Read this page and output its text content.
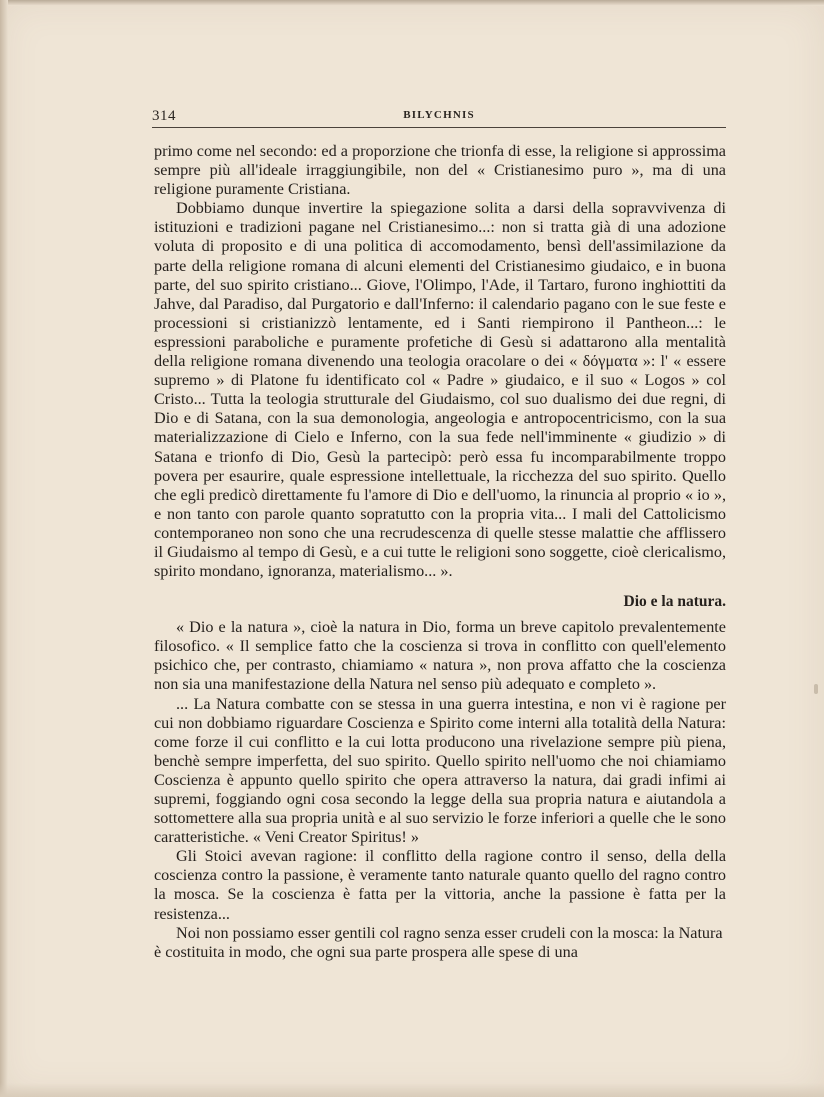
314	BILYCHNIS

primo come nel secondo: ed a proporzione che trionfa di esse, la religione si approssima sempre più all'ideale irraggiungibile, non del « Cristianesimo puro », ma di una religione puramente Cristiana.

Dobbiamo dunque invertire la spiegazione solita a darsi della sopravvivenza di istituzioni e tradizioni pagane nel Cristianesimo...: non si tratta già di una adozione voluta di proposito e di una politica di accomodamento, bensì dell'assimilazione da parte della religione romana di alcuni elementi del Cristianesimo giudaico, e in buona parte, del suo spirito cristiano... Giove, l'Olimpo, l'Ade, il Tartaro, furono inghiottiti da Jahve, dal Paradiso, dal Purgatorio e dall'Inferno: il calendario pagano con le sue feste e processioni si cristianizzò lentamente, ed i Santi riempirono il Pantheon...: le espressioni paraboliche e puramente profetiche di Gesù si adattarono alla mentalità della religione romana divenendo una teologia oracolare o dei « δόγματα »: l' « essere supremo » di Platone fu identificato col « Padre » giudaico, e il suo « Logos » col Cristo... Tutta la teologia strutturale del Giudaismo, col suo dualismo dei due regni, di Dio e di Satana, con la sua demonologia, angeologia e antropocentricismo, con la sua materializzazione di Cielo e Inferno, con la sua fede nell'imminente « giudizio » di Satana e trionfo di Dio, Gesù la partecipò: però essa fu incomparabilmente troppo povera per esaurire, quale espressione intellettuale, la ricchezza del suo spirito. Quello che egli predicò direttamente fu l'amore di Dio e dell'uomo, la rinuncia al proprio « io », e non tanto con parole quanto sopratutto con la propria vita... I mali del Cattolicismo contemporaneo non sono che una recrudescenza di quelle stesse malattie che afflissero il Giudaismo al tempo di Gesù, e a cui tutte le religioni sono soggette, cioè clericalismo, spirito mondano, ignoranza, materialismo... ».

Dio e la natura.

« Dio e la natura », cioè la natura in Dio, forma un breve capitolo prevalentemente filosofico. « Il semplice fatto che la coscienza si trova in conflitto con quell'elemento psichico che, per contrasto, chiamiamo « natura », non prova affatto che la coscienza non sia una manifestazione della Natura nel senso più adequato e completo ».

... La Natura combatte con se stessa in una guerra intestina, e non vi è ragione per cui non dobbiamo riguardare Coscienza e Spirito come interni alla totalità della Natura: come forze il cui conflitto e la cui lotta producono una rivelazione sempre più piena, benchè sempre imperfetta, del suo spirito. Quello spirito nell'uomo che noi chiamiamo Coscienza è appunto quello spirito che opera attraverso la natura, dai gradi infimi ai supremi, foggiando ogni cosa secondo la legge della sua propria natura e aiutandola a sottomettere alla sua propria unità e al suo servizio le forze inferiori a quelle che le sono caratteristiche. « Veni Creator Spiritus! »

Gli Stoici avevan ragione: il conflitto della ragione contro il senso, della della coscienza contro la passione, è veramente tanto naturale quanto quello del ragno contro la mosca. Se la coscienza è fatta per la vittoria, anche la passione è fatta per la resistenza...

Noi non possiamo esser gentili col ragno senza esser crudeli con la mosca: la Natura è costituita in modo, che ogni sua parte prospera alle spese di una
